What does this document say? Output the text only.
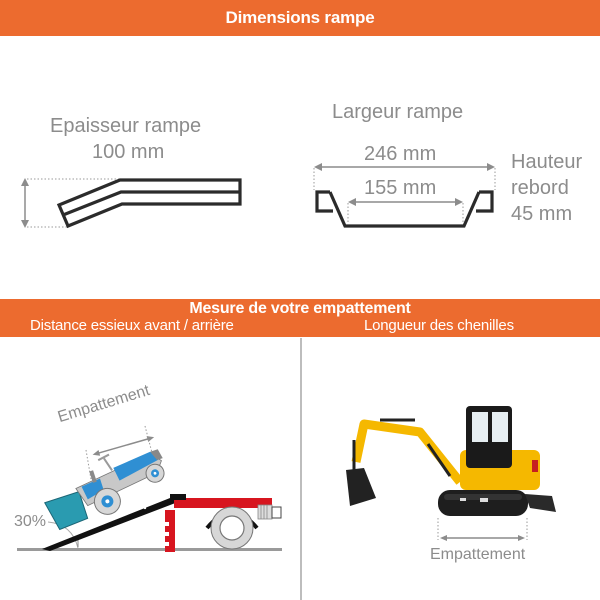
Dimensions rampe
Epaisseur rampe
100 mm
Largeur rampe
246 mm
155 mm
Hauteur
rebord
45 mm
Mesure de votre empattement
Distance essieux avant / arrière	Longueur des chenilles
Empattement
30%
Empattement
